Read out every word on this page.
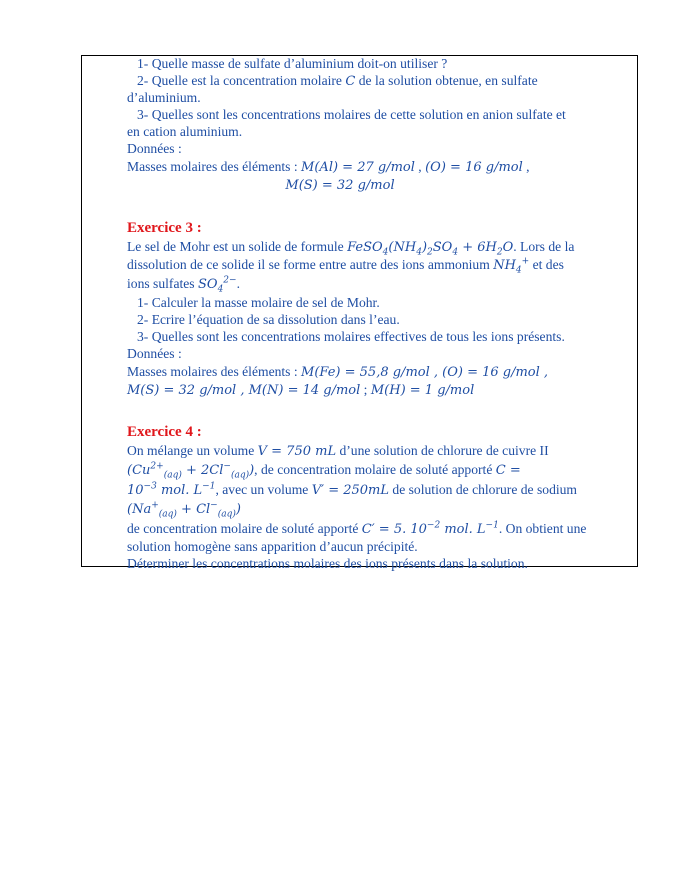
1- Quelle masse de sulfate d’aluminium doit-on utiliser ?
2- Quelle est la concentration molaire C de la solution obtenue, en sulfate
d’aluminium.
3- Quelles sont les concentrations molaires de cette solution en anion sulfate et
en cation aluminium.
Données :
Masses molaires des éléments : M(Al) = 27 g/mol , (O) = 16 g/mol ,
M(S) = 32 g/mol
Exercice 3 :
Le sel de Mohr est un solide de formule $FeSO_4(NH_4)_2SO_4 + 6H_2O$. Lors de la
dissolution de ce solide il se forme entre autre des ions ammonium $NH_4^+$ et des
ions sulfates $SO_4^{2-}$.
1- Calculer la masse molaire de sel de Mohr.
2- Ecrire l’équation de sa dissolution dans l’eau.
3- Quelles sont les concentrations molaires effectives de tous les ions présents.
Données :
Masses molaires des éléments : M(Fe) = 55,8 g/mol , (O) = 16 g/mol ,
M(S) = 32 g/mol , M(N) = 14 g/mol ; M(H) = 1 g/mol
Exercice 4 :
On mélange un volume V = 750 mL d’une solution de chlorure de cuivre II
$(Cu^{2+}_{(aq)} + 2Cl^-_{(aq)})$, de concentration molaire de soluté apporté C =
$10^{-3}$ mol. $L^{-1}$, avec un volume V′ = 250mL de solution de chlorure de sodium
$(Na^+_{(aq)} + Cl^-_{(aq)})$
de concentration molaire de soluté apporté C′ = 5. $10^{-2}$ mol. $L^{-1}$. On obtient une
solution homogène sans apparition d’aucun précipité.
Déterminer les concentrations molaires des ions présents dans la solution.
